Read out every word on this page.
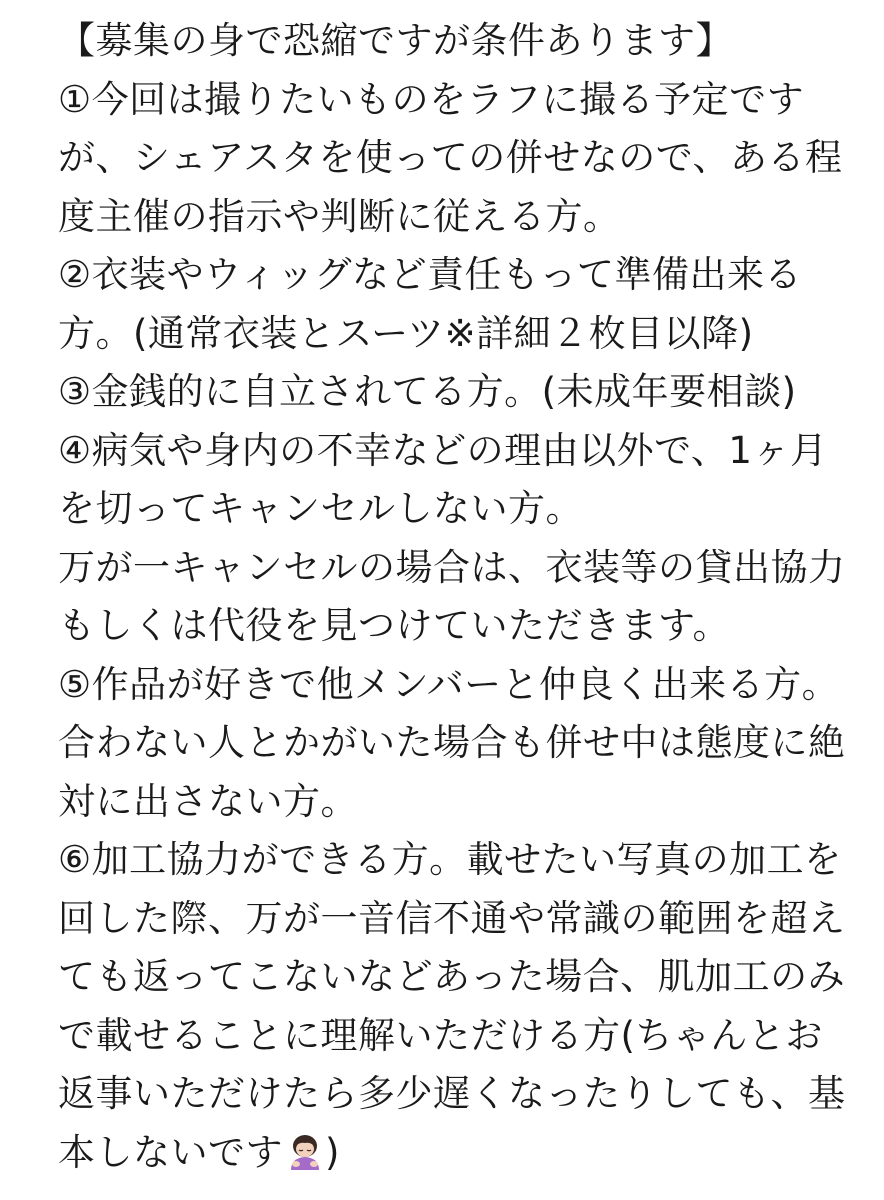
【募集の身で恐縮ですが条件あります】
①今回は撮りたいものをラフに撮る予定です
が、シェアスタを使っての併せなので、ある程
度主催の指示や判断に従える方。
②衣装やウィッグなど責任もって準備出来る
方。(通常衣装とスーツ※詳細２枚目以降)
③金銭的に自立されてる方。(未成年要相談)
④病気や身内の不幸などの理由以外で、1ヶ月
を切ってキャンセルしない方。
万が一キャンセルの場合は、衣装等の貸出協力
もしくは代役を見つけていただきます。
⑤作品が好きで他メンバーと仲良く出来る方。
合わない人とかがいた場合も併せ中は態度に絶
対に出さない方。
⑥加工協力ができる方。載せたい写真の加工を
回した際、万が一音信不通や常識の範囲を超え
ても返ってこないなどあった場合、肌加工のみ
で載せることに理解いただける方(ちゃんとお
返事いただけたら多少遅くなったりしても、基
本しないです )
